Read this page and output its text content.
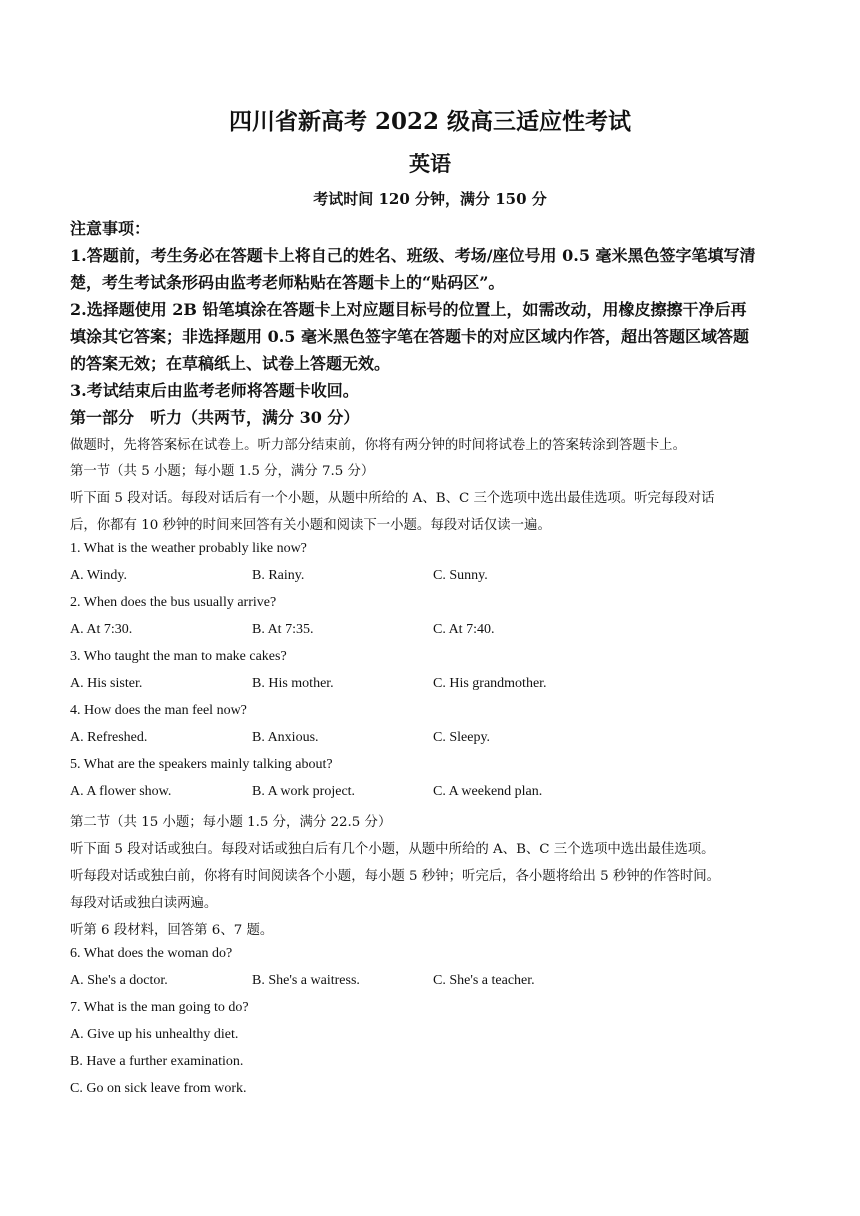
四川省新高考 2022 级高三适应性考试
英语
考试时间 120 分钟，满分 150 分
注意事项：
1.答题前，考生务必在答题卡上将自己的姓名、班级、考场/座位号用 0.5 毫米黑色签字笔填写清
楚，考生考试条形码由监考老师粘贴在答题卡上的“贴码区”。
2.选择题使用 2B 铅笔填涂在答题卡上对应题目标号的位置上，如需改动，用橡皮擦擦干净后再
填涂其它答案；非选择题用 0.5 毫米黑色签字笔在答题卡的对应区域内作答，超出答题区域答题
的答案无效；在草稿纸上、试卷上答题无效。
3.考试结束后由监考老师将答题卡收回。
第一部分　听力（共两节，满分 30 分）
做题时，先将答案标在试卷上。听力部分结束前，你将有两分钟的时间将试卷上的答案转涂到答题卡上。
第一节（共 5 小题；每小题 1.5 分，满分 7.5 分）
听下面 5 段对话。每段对话后有一个小题，从题中所给的 A、B、C 三个选项中选出最佳选项。听完每段对话
后，你都有 10 秒钟的时间来回答有关小题和阅读下一小题。每段对话仅读一遍。
1. What is the weather probably like now?
A. Windy.	B. Rainy.	C. Sunny.
2. When does the bus usually arrive?
A. At 7:30.	B. At 7:35.	C. At 7:40.
3. Who taught the man to make cakes?
A. His sister.	B. His mother.	C. His grandmother.
4. How does the man feel now?
A. Refreshed.	B. Anxious.	C. Sleepy.
5. What are the speakers mainly talking about?
A. A flower show.	B. A work project.	C. A weekend plan.
第二节（共 15 小题；每小题 1.5 分，满分 22.5 分）
听下面 5 段对话或独白。每段对话或独白后有几个小题，从题中所给的 A、B、C 三个选项中选出最佳选项。
听每段对话或独白前，你将有时间阅读各个小题，每小题 5 秒钟；听完后，各小题将给出 5 秒钟的作答时间。
每段对话或独白读两遍。
听第 6 段材料，回答第 6、7 题。
6. What does the woman do?
A. She's a doctor.	B. She's a waitress.	C. She's a teacher.
7. What is the man going to do?
A. Give up his unhealthy diet.
B. Have a further examination.
C. Go on sick leave from work.
